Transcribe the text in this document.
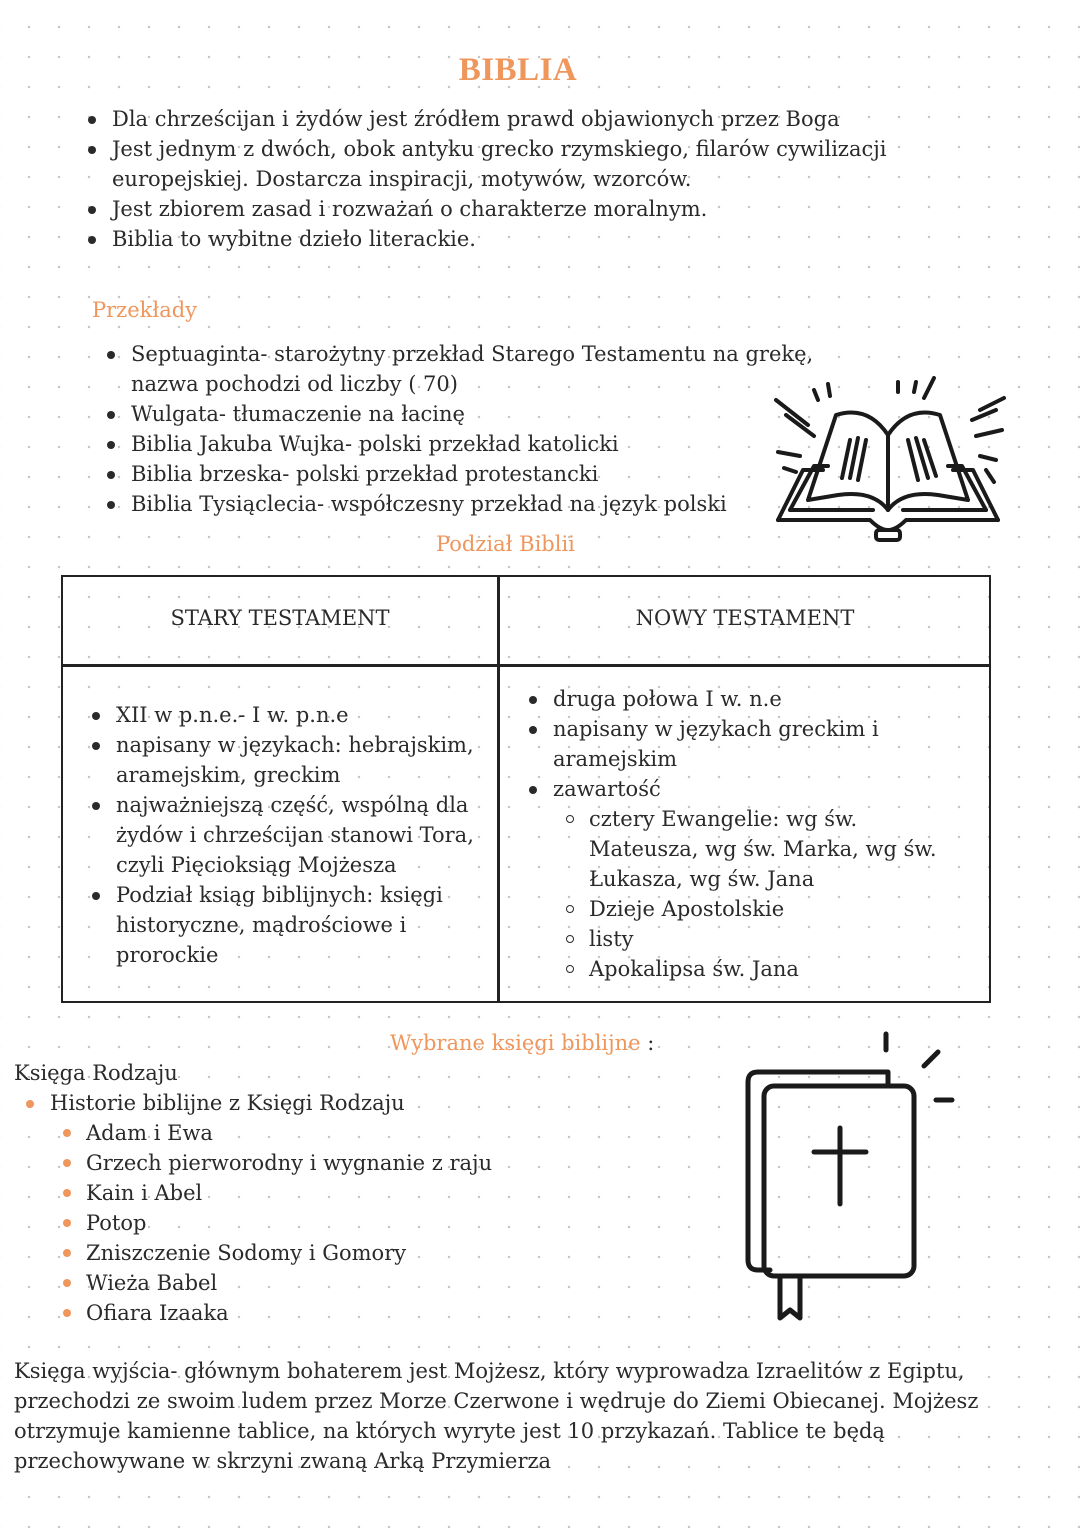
BIBLIA
Dla chrześcijan i żydów jest źródłem prawd objawionych przez Boga
Jest jednym z dwóch, obok antyku grecko rzymskiego, filarów cywilizacji europejskiej. Dostarcza inspiracji, motywów, wzorców.
Jest zbiorem zasad i rozważań o charakterze moralnym.
Biblia to wybitne dzieło literackie.
Przekłady
Septuaginta- starożytny przekład Starego Testamentu na grekę, nazwa pochodzi od liczby ( 70)
Wulgata- tłumaczenie na łacinę
Biblia Jakuba Wujka- polski przekład katolicki
Biblia brzeska- polski przekład protestancki
Biblia Tysiąclecia- współczesny przekład na język polski
Podział Biblii
STARY TESTAMENT	NOWY TESTAMENT
XII w p.n.e.- I w. p.n.e
napisany w językach: hebrajskim, aramejskim, greckim
najważniejszą część, wspólną dla żydów i chrześcijan stanowi Tora, czyli Pięcioksiąg Mojżesza
Podział ksiąg biblijnych: księgi historyczne, mądrościowe i prorockie
druga połowa I w. n.e
napisany w językach greckim i aramejskim
zawartość
cztery Ewangelie: wg św. Mateusza, wg św. Marka, wg św. Łukasza, wg św. Jana
Dzieje Apostolskie
listy
Apokalipsa św. Jana
Wybrane księgi biblijne :
Księga Rodzaju
Historie biblijne z Księgi Rodzaju
Adam i Ewa
Grzech pierworodny i wygnanie z raju
Kain i Abel
Potop
Zniszczenie Sodomy i Gomory
Wieża Babel
Ofiara Izaaka
Księga wyjścia- głównym bohaterem jest Mojżesz, który wyprowadza Izraelitów z Egiptu, przechodzi ze swoim ludem przez Morze Czerwone i wędruje do Ziemi Obiecanej. Mojżesz otrzymuje kamienne tablice, na których wyryte jest 10 przykazań. Tablice te będą przechowywane w skrzyni zwaną Arką Przymierza
